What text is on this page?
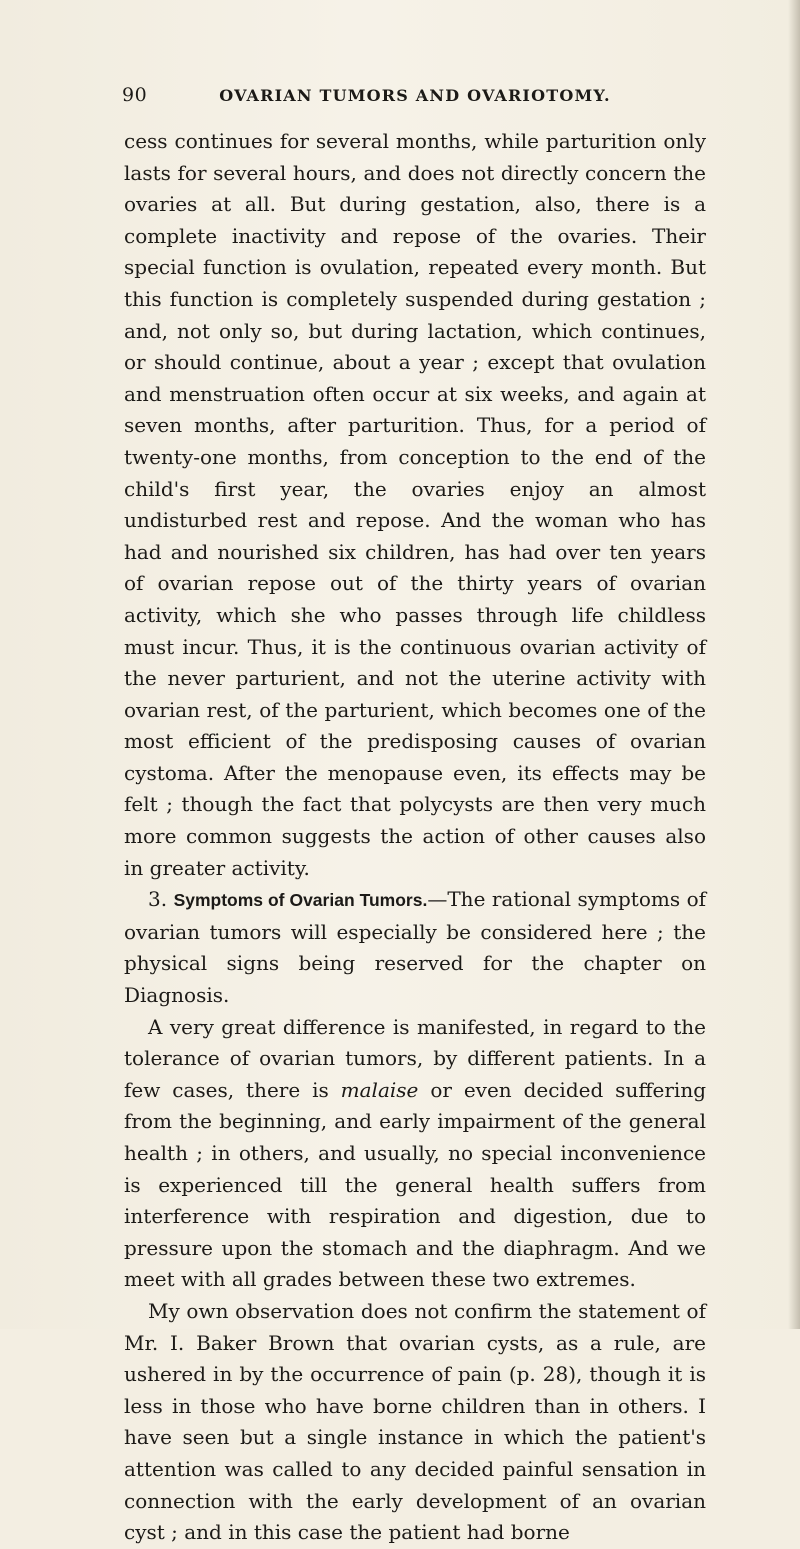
90	OVARIAN TUMORS AND OVARIOTOMY.

cess continues for several months, while parturition only lasts for several hours, and does not directly concern the ovaries at all. But during gestation, also, there is a complete inactivity and repose of the ovaries. Their special function is ovulation, repeated every month. But this function is completely suspended during gestation ; and, not only so, but during lactation, which continues, or should continue, about a year ; except that ovulation and menstruation often occur at six weeks, and again at seven months, after parturition. Thus, for a period of twenty-one months, from conception to the end of the child's first year, the ovaries enjoy an almost undisturbed rest and repose. And the woman who has had and nourished six children, has had over ten years of ovarian repose out of the thirty years of ovarian activity, which she who passes through life childless must incur. Thus, it is the continuous ovarian activity of the never parturient, and not the uterine activity with ovarian rest, of the parturient, which becomes one of the most efficient of the predisposing causes of ovarian cystoma. After the menopause even, its effects may be felt ; though the fact that polycysts are then very much more common suggests the action of other causes also in greater activity.

3. Symptoms of Ovarian Tumors.—The rational symptoms of ovarian tumors will especially be considered here ; the physical signs being reserved for the chapter on Diagnosis.

A very great difference is manifested, in regard to the tolerance of ovarian tumors, by different patients. In a few cases, there is malaise or even decided suffering from the beginning, and early impairment of the general health ; in others, and usually, no special inconvenience is experienced till the general health suffers from interference with respiration and digestion, due to pressure upon the stomach and the diaphragm. And we meet with all grades between these two extremes.

My own observation does not confirm the statement of Mr. I. Baker Brown that ovarian cysts, as a rule, are ushered in by the occurrence of pain (p. 28), though it is less in those who have borne children than in others. I have seen but a single instance in which the patient's attention was called to any decided painful sensation in connection with the early development of an ovarian cyst ; and in this case the patient had borne
